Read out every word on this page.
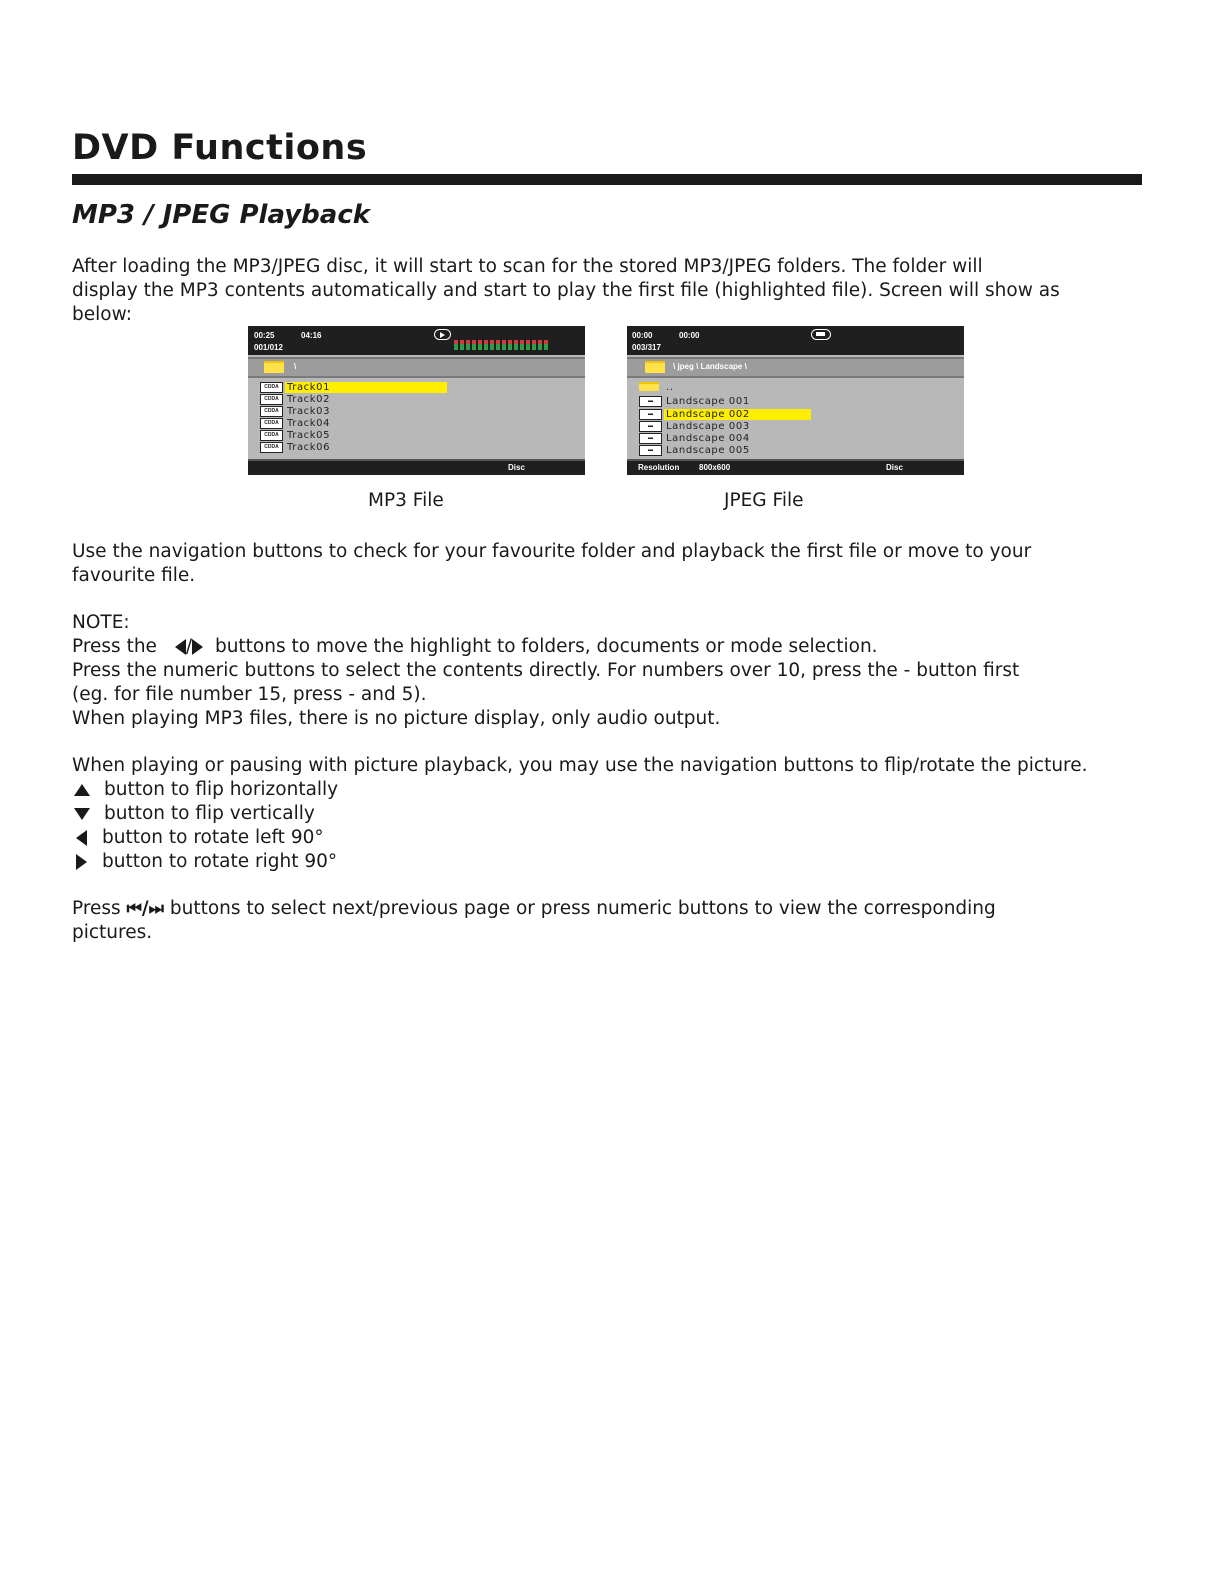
DVD Functions
MP3 / JPEG Playback

After loading the MP3/JPEG disc, it will start to scan for the stored MP3/JPEG folders. The folder will
display the MP3 contents automatically and start to play the first file (highlighted file). Screen will show as
below:

00:25	04:16
001/012
\
CDDA Track01
CDDA Track02
CDDA Track03
CDDA Track04
CDDA Track05
CDDA Track06
Disc
00:00	00:00
003/317
\ jpeg \ Landscape \
..
▬	Landscape 001
▬	Landscape 002
▬	Landscape 003
▬	Landscape 004
▬	Landscape 005
Resolution 800x600	Disc
MP3 File	JPEG File

Use the navigation buttons to check for your favourite folder and playback the first file or move to your
favourite file.

NOTE:
Press the / buttons to move the highlight to folders, documents or mode selection.
Press the numeric buttons to select the contents directly. For numbers over 10, press the - button first
(eg. for file number 15, press - and 5).
When playing MP3 files, there is no picture display, only audio output.

When playing or pausing with picture playback, you may use the navigation buttons to flip/rotate the picture.
button to flip horizontally
button to flip vertically
button to rotate left 90°
button to rotate right 90°

Press ⏮/⏭ buttons to select next/previous page or press numeric buttons to view the corresponding
pictures.
